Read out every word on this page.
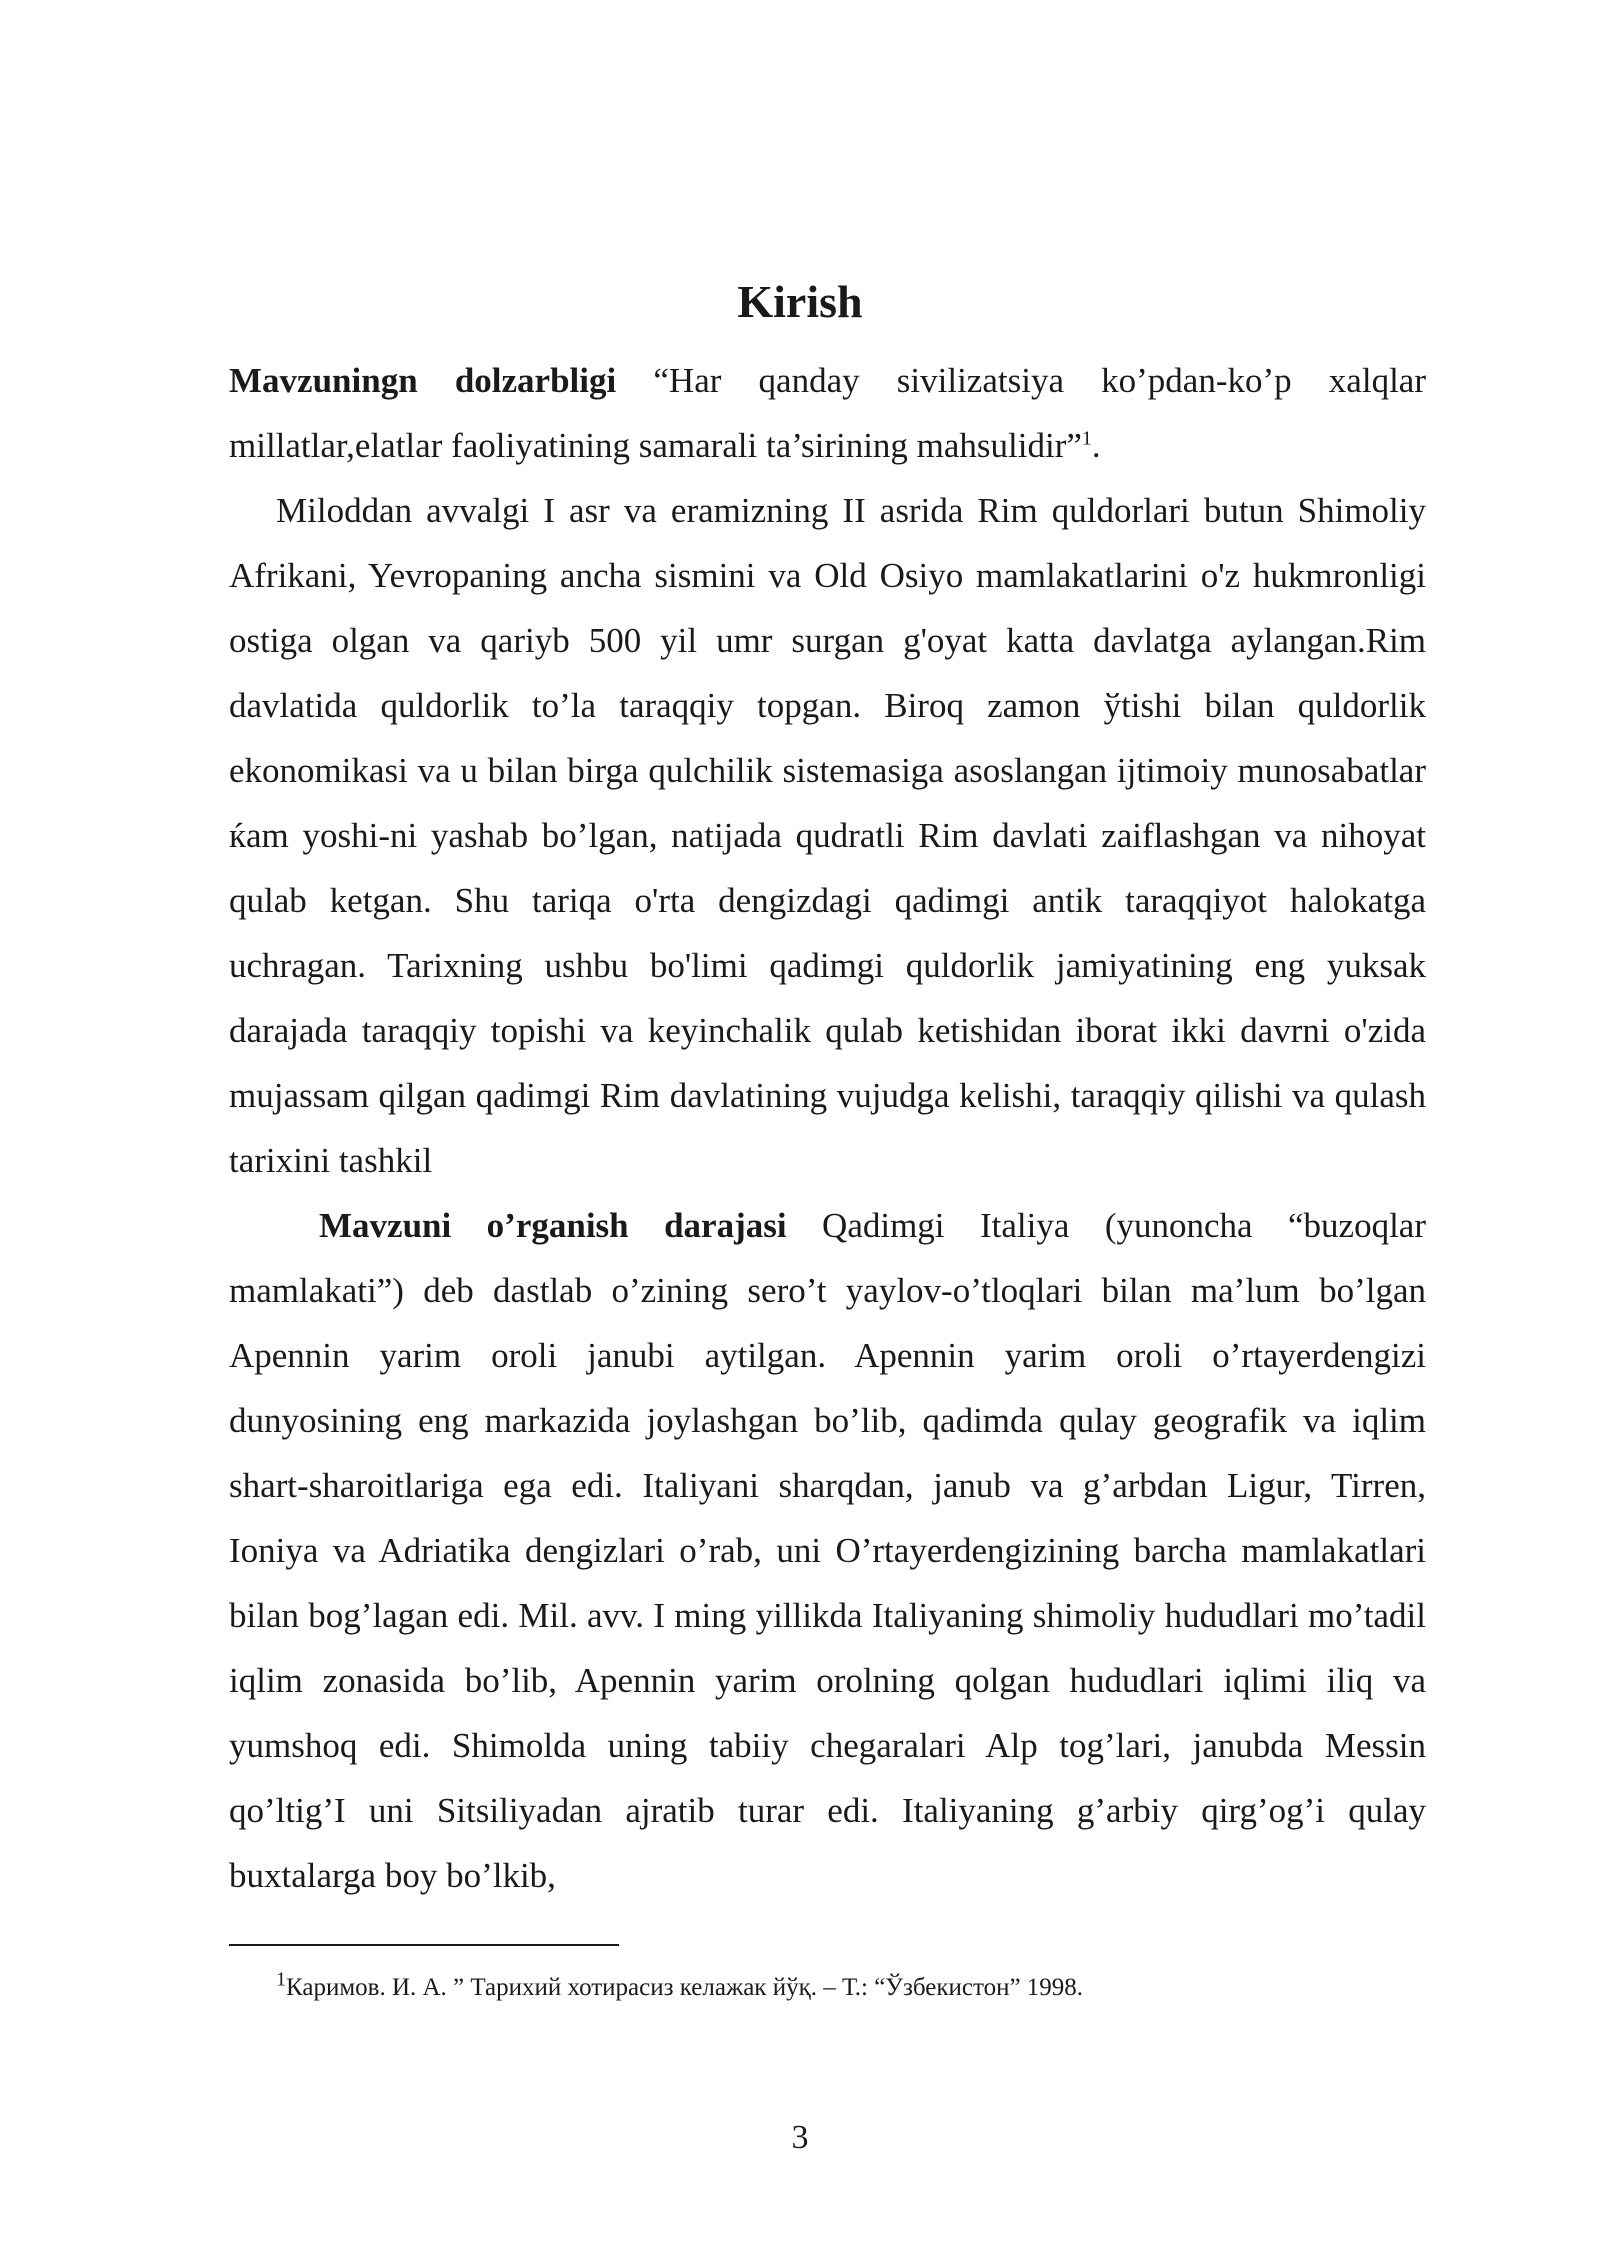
Kirish

Mavzuningn dolzarbligi “Har qanday sivilizatsiya ko’pdan-ko’p xalqlar millatlar,elatlar faoliyatining samarali ta’sirining mahsulidir”$^1$.

Miloddan avvalgi I asr va eramizning II asrida Rim quldorlari butun Shimoliy Afrikani, Yevropaning ancha sismini va Old Osiyo mamlakatlarini o'z hukmronligi ostiga olgan va qariyb 500 yil umr surgan g'oyat katta davlatga aylangan.Rim davlatida quldorlik to’la taraqqiy topgan. Biroq zamon ўtishi bilan quldorlik ekonomikasi va u bilan birga qulchilik sistemasiga asoslangan ijtimoiy munosabatlar ќam yoshi-ni yashab bo’lgan, natijada qudratli Rim davlati zaiflashgan va nihoyat qulab ketgan. Shu tariqa o'rta dengizdagi qadimgi antik taraqqiyot halokatga uchragan. Tarixning ushbu bo'limi qadimgi quldorlik jamiyatining eng yuksak darajada taraqqiy topishi va keyinchalik qulab ketishidan iborat ikki davrni o'zida mujassam qilgan qadimgi Rim davlatining vujudga kelishi, taraqqiy qilishi va qulash tarixini tashkil

Mavzuni o’rganish darajasi Qadimgi Italiya (yunoncha “buzoqlar mamlakati”) deb dastlab o’zining sero’t yaylov-o’tloqlari bilan ma’lum bo’lgan Apennin yarim oroli janubi aytilgan. Apennin yarim oroli o’rtayerdengizi dunyosining eng markazida joylashgan bo’lib, qadimda qulay geografik va iqlim shart-sharoitlariga ega edi. Italiyani sharqdan, janub va g’arbdan Ligur, Tirren, Ioniya va Adriatika dengizlari o’rab, uni O’rtayerdengizining barcha mamlakatlari bilan bog’lagan edi. Mil. avv. I ming yillikda Italiyaning shimoliy hududlari mo’tadil iqlim zonasida bo’lib, Apennin yarim orolning qolgan hududlari iqlimi iliq va yumshoq edi. Shimolda uning tabiiy chegaralari Alp tog’lari, janubda Messin qo’ltig’I uni Sitsiliyadan ajratib turar edi. Italiyaning g’arbiy qirg’og’i qulay buxtalarga boy bo’lkib,

$^1$Каримов. И. А. ” Тарихий хотирасиз келажак йўқ. – Т.: “Ўзбекистон” 1998.
3
